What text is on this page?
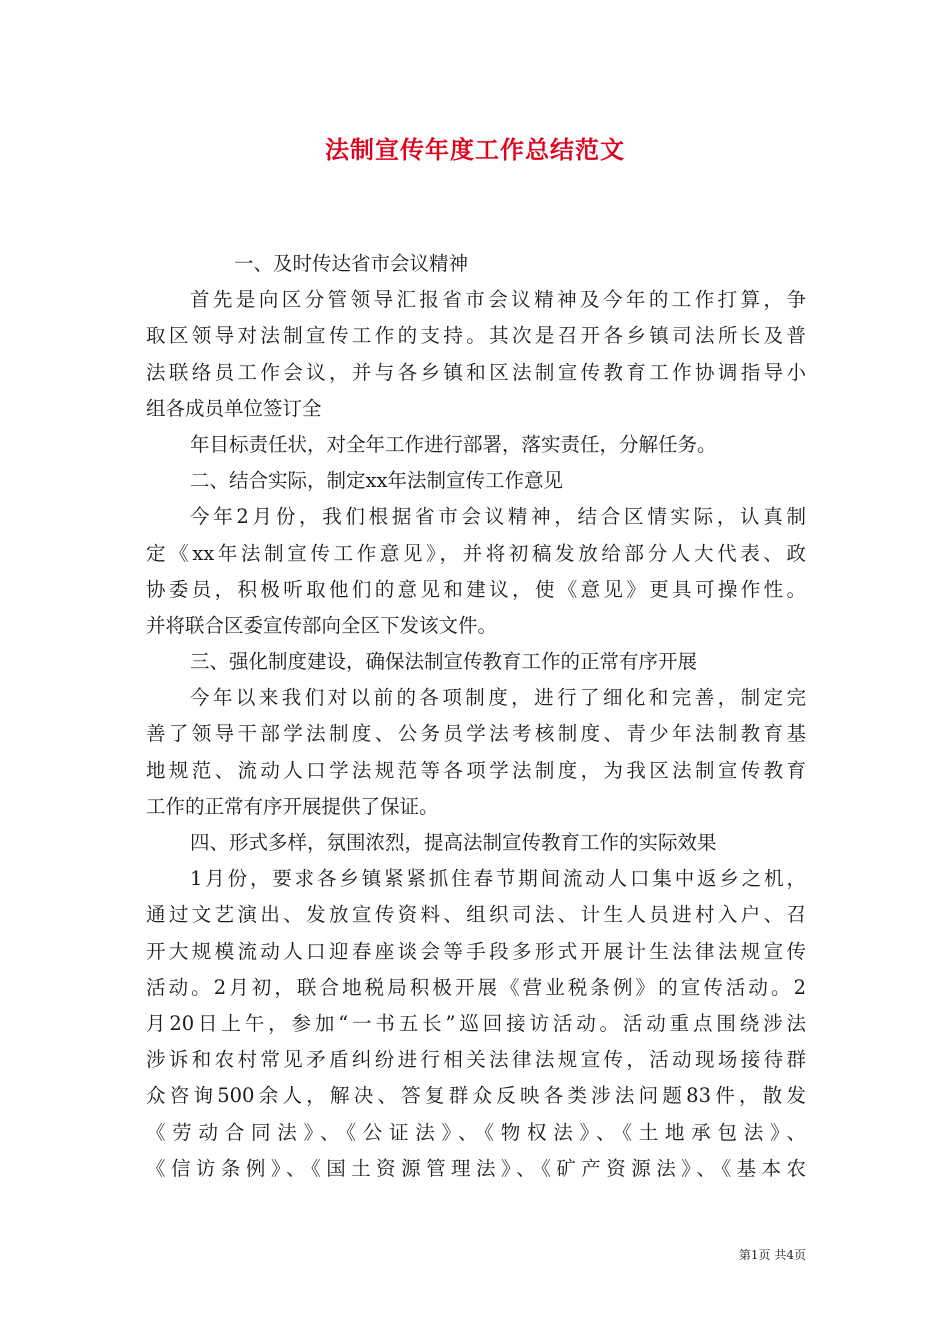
法制宣传年度工作总结范文
一、及时传达省市会议精神
首先是向区分管领导汇报省市会议精神及今年的工作打算，争
取区领导对法制宣传工作的支持。其次是召开各乡镇司法所长及普
法联络员工作会议，并与各乡镇和区法制宣传教育工作协调指导小
组各成员单位签订全
年目标责任状，对全年工作进行部署，落实责任，分解任务。
二、结合实际，制定xx年法制宣传工作意见
今年2月份，我们根据省市会议精神，结合区情实际，认真制
定《xx年法制宣传工作意见》，并将初稿发放给部分人大代表、政
协委员，积极听取他们的意见和建议，使《意见》更具可操作性。
并将联合区委宣传部向全区下发该文件。
三、强化制度建设，确保法制宣传教育工作的正常有序开展
今年以来我们对以前的各项制度，进行了细化和完善，制定完
善了领导干部学法制度、公务员学法考核制度、青少年法制教育基
地规范、流动人口学法规范等各项学法制度，为我区法制宣传教育
工作的正常有序开展提供了保证。
四、形式多样，氛围浓烈，提高法制宣传教育工作的实际效果
1月份，要求各乡镇紧紧抓住春节期间流动人口集中返乡之机，
通过文艺演出、发放宣传资料、组织司法、计生人员进村入户、召
开大规模流动人口迎春座谈会等手段多形式开展计生法律法规宣传
活动。2月初，联合地税局积极开展《营业税条例》的宣传活动。2
月20日上午，参加“一书五长”巡回接访活动。活动重点围绕涉法
涉诉和农村常见矛盾纠纷进行相关法律法规宣传，活动现场接待群
众咨询500余人，解决、答复群众反映各类涉法问题83件，散发
《劳动合同法》、《公证法》、《物权法》、《土地承包法》、
《信访条例》、《国土资源管理法》、《矿产资源法》、《基本农
第1页 共4页
